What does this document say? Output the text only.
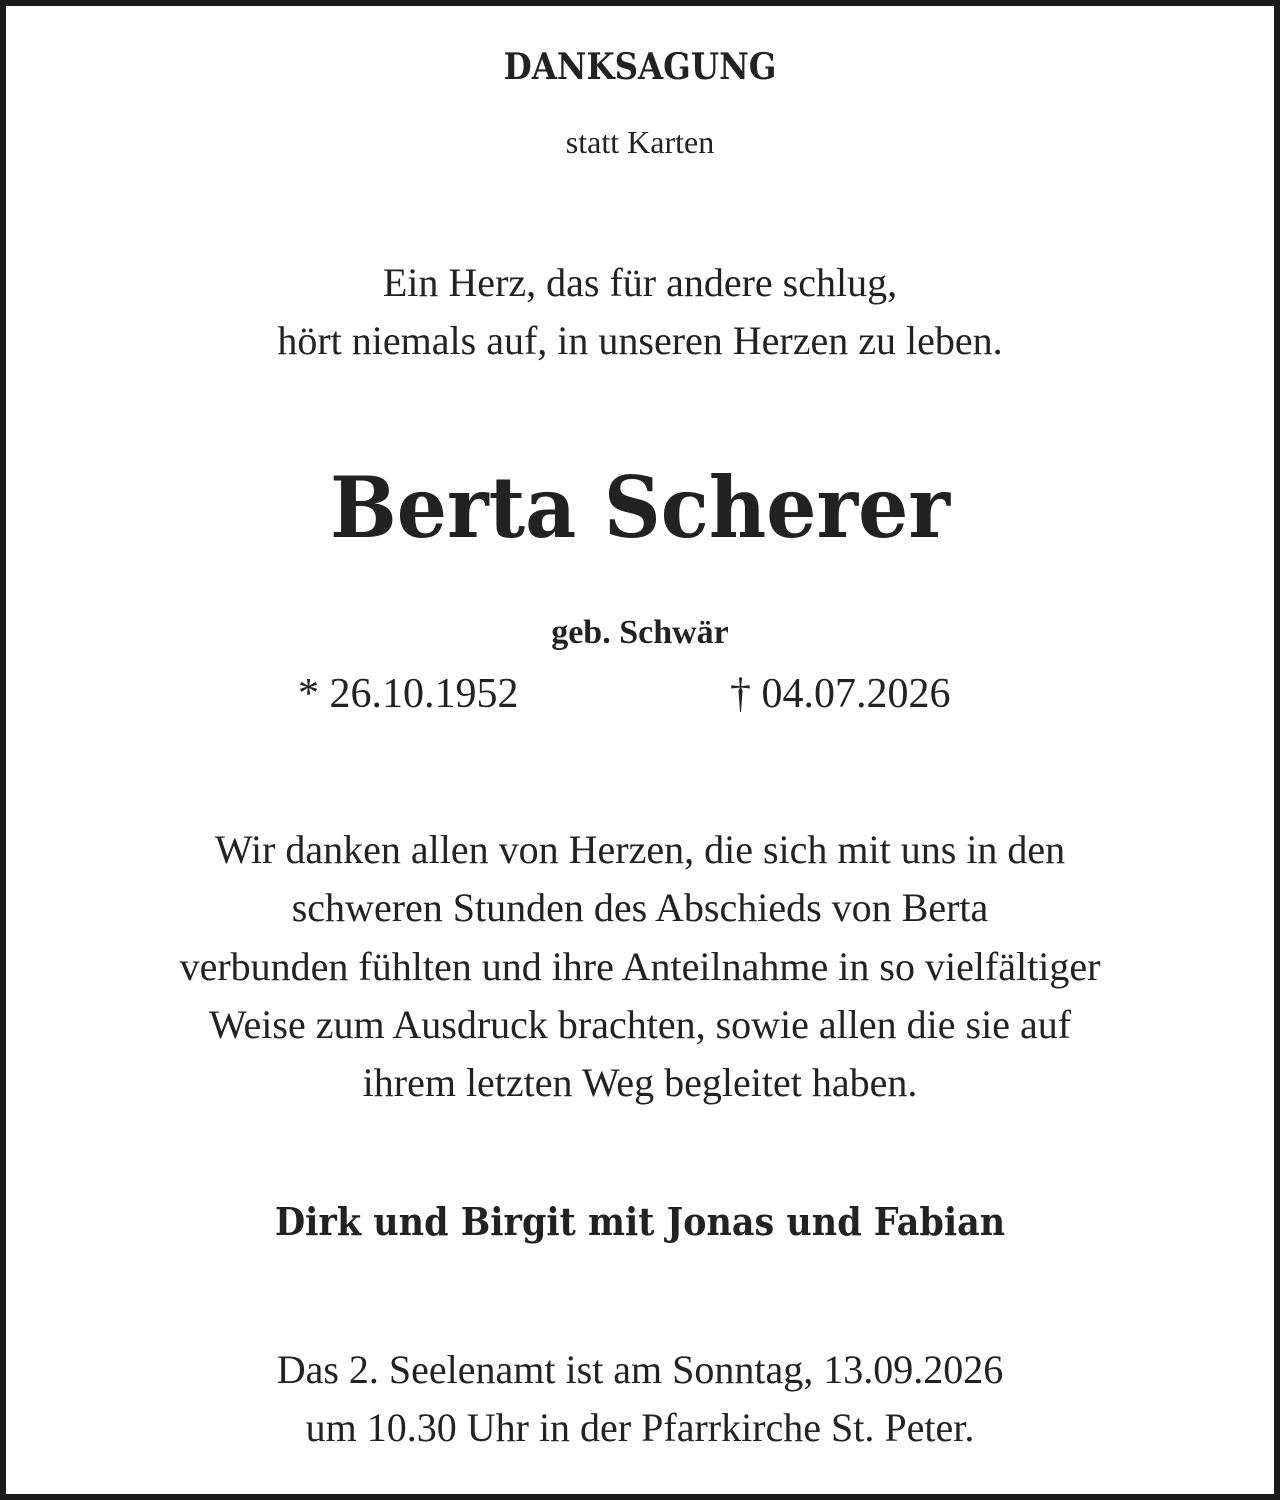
DANKSAGUNG
statt Karten
Ein Herz, das für andere schlug,
hört niemals auf, in unseren Herzen zu leben.
Berta Scherer
geb. Schwär
* 26.10.1952	† 04.07.2026
Wir danken allen von Herzen, die sich mit uns in den
schweren Stunden des Abschieds von Berta
verbunden fühlten und ihre Anteilnahme in so vielfältiger
Weise zum Ausdruck brachten, sowie allen die sie auf
ihrem letzten Weg begleitet haben.
Dirk und Birgit mit Jonas und Fabian
Das 2. Seelenamt ist am Sonntag, 13.09.2026
um 10.30 Uhr in der Pfarrkirche St. Peter.
